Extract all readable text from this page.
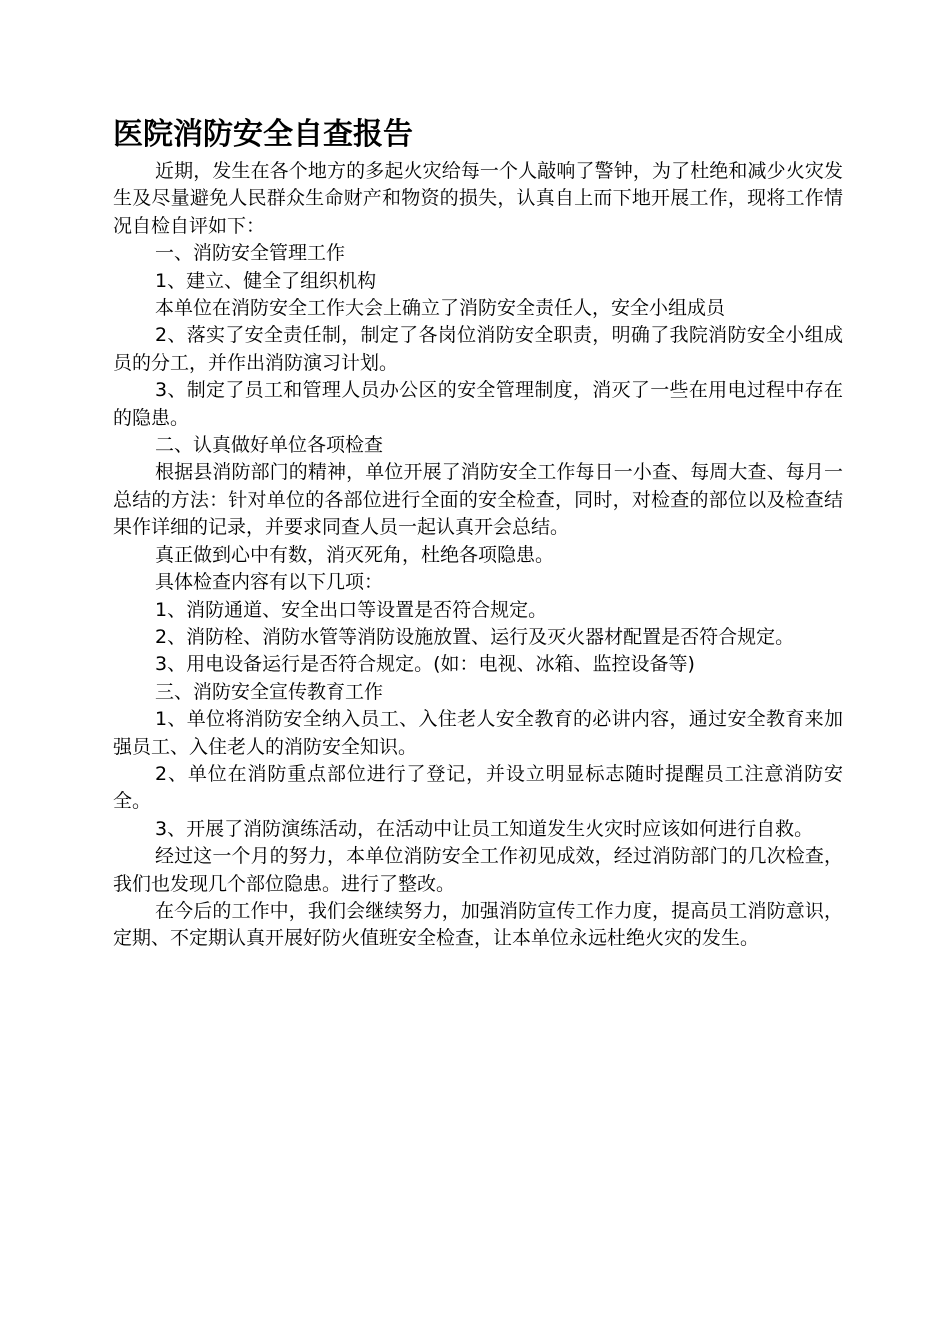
医院消防安全自查报告

近期，发生在各个地方的多起火灾给每一个人敲响了警钟，为了杜绝和减少火灾发生及尽量避免人民群众生命财产和物资的损失，认真自上而下地开展工作，现将工作情况自检自评如下：

一、消防安全管理工作

1、建立、健全了组织机构

本单位在消防安全工作大会上确立了消防安全责任人，安全小组成员

2、落实了安全责任制，制定了各岗位消防安全职责，明确了我院消防安全小组成员的分工，并作出消防演习计划。

3、制定了员工和管理人员办公区的安全管理制度，消灭了一些在用电过程中存在的隐患。

二、认真做好单位各项检查

根据县消防部门的精神，单位开展了消防安全工作每日一小查、每周大查、每月一总结的方法：针对单位的各部位进行全面的安全检查，同时，对检查的部位以及检查结果作详细的记录，并要求同查人员一起认真开会总结。

真正做到心中有数，消灭死角，杜绝各项隐患。

具体检查内容有以下几项：

1、消防通道、安全出口等设置是否符合规定。

2、消防栓、消防水管等消防设施放置、运行及灭火器材配置是否符合规定。

3、用电设备运行是否符合规定。(如：电视、冰箱、监控设备等)

三、消防安全宣传教育工作

1、单位将消防安全纳入员工、入住老人安全教育的必讲内容，通过安全教育来加强员工、入住老人的消防安全知识。

2、单位在消防重点部位进行了登记，并设立明显标志随时提醒员工注意消防安全。

3、开展了消防演练活动，在活动中让员工知道发生火灾时应该如何进行自救。

经过这一个月的努力，本单位消防安全工作初见成效，经过消防部门的几次检查，我们也发现几个部位隐患。进行了整改。

在今后的工作中，我们会继续努力，加强消防宣传工作力度，提高员工消防意识，定期、不定期认真开展好防火值班安全检查，让本单位永远杜绝火灾的发生。
